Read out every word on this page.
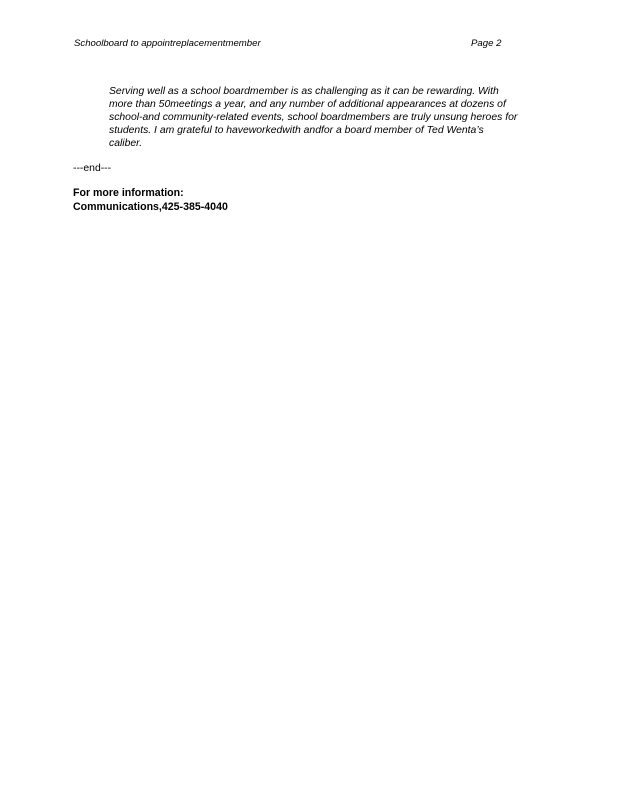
Schoolboard to appointreplacementmember	Page 2
Serving well as a school boardmember is as challenging as it can be rewarding. With
more than 50meetings a year, and any number of additional appearances at dozens of
school-and community-related events, school boardmembers are truly unsung heroes for
students. I am grateful to haveworkedwith andfor a board member of Ted Wenta’s
caliber.
---end---
For more information:
Communications,425-385-4040
